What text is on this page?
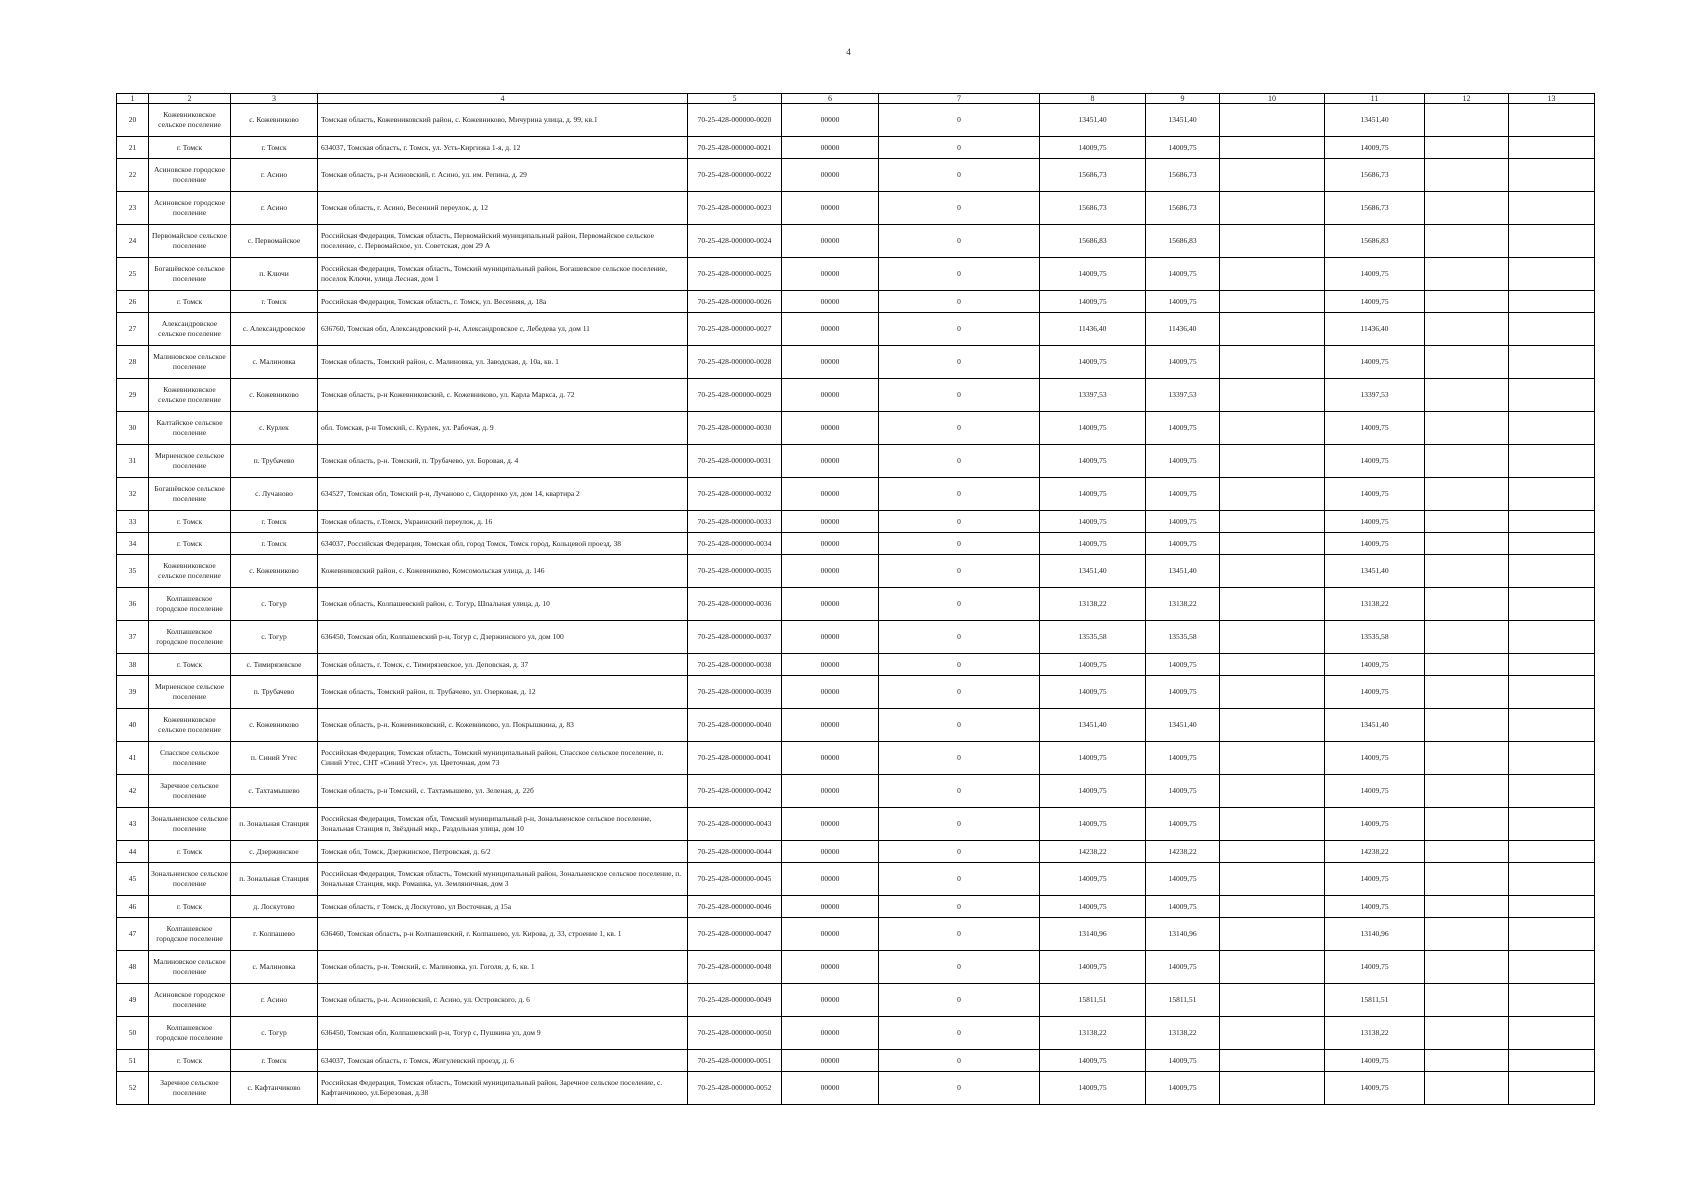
4
1	2	3	4	5	6	7	8	9	10	11	12	13
20	Кожевниковское сельское поселение	с. Кожевниково	Томская область, Кожевниковский район, с. Кожевниково, Мичурина улица, д. 99, кв.1	70-25-428-000000-0020	00000	0	13451,40	13451,40		13451,40		
21	г. Томск	г. Томск	634037, Томская область, г. Томск, ул. Усть-Киргизка 1-я, д. 12	70-25-428-000000-0021	00000	0	14009,75	14009,75		14009,75		
22	Асиновское городское поселение	г. Асино	Томская область, р-н Асиновский, г. Асино, ул. им. Репина, д. 29	70-25-428-000000-0022	00000	0	15686,73	15686,73		15686,73		
23	Асиновское городское поселение	г. Асино	Томская область, г. Асино, Весенний переулок, д. 12	70-25-428-000000-0023	00000	0	15686,73	15686,73		15686,73		
24	Первомайское сельское поселение	с. Первомайское	Российская Федерация, Томская область, Первомайский муниципальный район, Первомайское сельское поселение, с. Первомайское, ул. Советская, дом 29 А	70-25-428-000000-0024	00000	0	15686,83	15686,83		15686,83		
25	Богашёвское сельское поселение	п. Ключи	Российская Федерация, Томская область, Томский муниципальный район, Богашевское сельское поселение, поселок Ключи, улица Лесная, дом 1	70-25-428-000000-0025	00000	0	14009,75	14009,75		14009,75		
26	г. Томск	г. Томск	Российская Федерация, Томская область, г. Томск, ул. Весенняя, д. 18а	70-25-428-000000-0026	00000	0	14009,75	14009,75		14009,75		
27	Александровское сельское поселение	с. Александровское	636760, Томская обл, Александровский р-н, Александровское с, Лебедева ул, дом 11	70-25-428-000000-0027	00000	0	11436,40	11436,40		11436,40		
28	Малиновское сельское поселение	с. Малиновка	Томская область, Томский район, с. Малиновка, ул. Заводская, д. 10а, кв. 1	70-25-428-000000-0028	00000	0	14009,75	14009,75		14009,75		
29	Кожевниковское сельское поселение	с. Кожевниково	Томская область, р-н Кожевниковский, с. Кожевниково, ул. Карла Маркса, д. 72	70-25-428-000000-0029	00000	0	13397,53	13397,53		13397,53		
30	Калтайское сельское поселение	с. Курлек	обл. Томская, р-н Томский, с. Курлек, ул. Рабочая, д. 9	70-25-428-000000-0030	00000	0	14009,75	14009,75		14009,75		
31	Мирненское сельское поселение	п. Трубачево	Томская область, р-н. Томский, п. Трубачево, ул. Боровая, д. 4	70-25-428-000000-0031	00000	0	14009,75	14009,75		14009,75		
32	Богашёвское сельское поселение	с. Лучаново	634527, Томская обл, Томский р-н, Лучаново с, Сидоренко ул, дом 14, квартира 2	70-25-428-000000-0032	00000	0	14009,75	14009,75		14009,75		
33	г. Томск	г. Томск	Томская область, г.Томск, Украинский переулок, д. 16	70-25-428-000000-0033	00000	0	14009,75	14009,75		14009,75		
34	г. Томск	г. Томск	634037, Российская Федерация, Томская обл, город Томск, Томск город, Кольцевой проезд, 38	70-25-428-000000-0034	00000	0	14009,75	14009,75		14009,75		
35	Кожевниковское сельское поселение	с. Кожевниково	Кожевниковский район, с. Кожевниково, Комсомольская улица, д. 146	70-25-428-000000-0035	00000	0	13451,40	13451,40		13451,40		
36	Колпашевское городское поселение	с. Тогур	Томская область, Колпашевский район, с. Тогур, Шпальная улица, д. 10	70-25-428-000000-0036	00000	0	13138,22	13138,22		13138,22		
37	Колпашевское городское поселение	с. Тогур	636450, Томская обл, Колпашевский р-н, Тогур с, Дзержинского ул, дом 100	70-25-428-000000-0037	00000	0	13535,58	13535,58		13535,58		
38	г. Томск	с. Тимирязевское	Томская область, г. Томск, с. Тимирязевское, ул. Деповская, д. 37	70-25-428-000000-0038	00000	0	14009,75	14009,75		14009,75		
39	Мирненское сельское поселение	п. Трубачево	Томская область, Томский район, п. Трубачево, ул. Озерковая, д. 12	70-25-428-000000-0039	00000	0	14009,75	14009,75		14009,75		
40	Кожевниковское сельское поселение	с. Кожевниково	Томская область, р-н. Кожевниковский, с. Кожевниково, ул. Покрышкина, д. 83	70-25-428-000000-0040	00000	0	13451,40	13451,40		13451,40		
41	Спасское сельское поселение	п. Синий Утес	Российская Федерация, Томская область, Томский муниципальный район, Спасское сельское поселение, п. Синий Утес, СНТ «Синий Утес», ул. Цветочная, дом 73	70-25-428-000000-0041	00000	0	14009,75	14009,75		14009,75		
42	Заречное сельское поселение	с. Тахтамышево	Томская область, р-н Томский, с. Тахтамышево, ул. Зеленая, д. 22б	70-25-428-000000-0042	00000	0	14009,75	14009,75		14009,75		
43	Зональненское сельское поселение	п. Зональная Станция	Российская Федерация, Томская обл, Томский муниципальный р-н, Зональненское сельское поселение, Зональная Станция п, Звёздный мкр., Раздольная улица, дом 10	70-25-428-000000-0043	00000	0	14009,75	14009,75		14009,75		
44	г. Томск	с. Дзержинское	Томская обл, Томск, Дзержинское, Петровская, д. 6/2	70-25-428-000000-0044	00000	0	14238,22	14238,22		14238,22		
45	Зональненское сельское поселение	п. Зональная Станция	Российская Федерация, Томская область, Томский муниципальный район, Зональненское сельское поселение, п. Зональная Станция, мкр. Ромашка, ул. Земляничная, дом 3	70-25-428-000000-0045	00000	0	14009,75	14009,75		14009,75		
46	г. Томск	д. Лоскутово	Томская область, г Томск, д Лоскутово, ул Восточная, д 15а	70-25-428-000000-0046	00000	0	14009,75	14009,75		14009,75		
47	Колпашевское городское поселение	г. Колпашево	636460, Томская область, р-н Колпашевский, г. Колпашево, ул. Кирова, д. 33, строение 1, кв. 1	70-25-428-000000-0047	00000	0	13140,96	13140,96		13140,96		
48	Малиновское сельское поселение	с. Малиновка	Томская область, р-н. Томский, с. Малиновка, ул. Гоголя, д. 6, кв. 1	70-25-428-000000-0048	00000	0	14009,75	14009,75		14009,75		
49	Асиновское городское поселение	г. Асино	Томская область, р-н. Асиновский, г. Асино, ул. Островского, д. 6	70-25-428-000000-0049	00000	0	15811,51	15811,51		15811,51		
50	Колпашевское городское поселение	с. Тогур	636450, Томская обл, Колпашевский р-н, Тогур с, Пушкина ул, дом 9	70-25-428-000000-0050	00000	0	13138,22	13138,22		13138,22		
51	г. Томск	г. Томск	634037, Томская область, г. Томск, Жигулевский проезд, д. 6	70-25-428-000000-0051	00000	0	14009,75	14009,75		14009,75		
52	Заречное сельское поселение	с. Кафтанчиково	Российская Федерация, Томская область, Томский муниципальный район, Заречное сельское поселение, с. Кафтанчиково, ул.Березовая, д.38	70-25-428-000000-0052	00000	0	14009,75	14009,75		14009,75		
